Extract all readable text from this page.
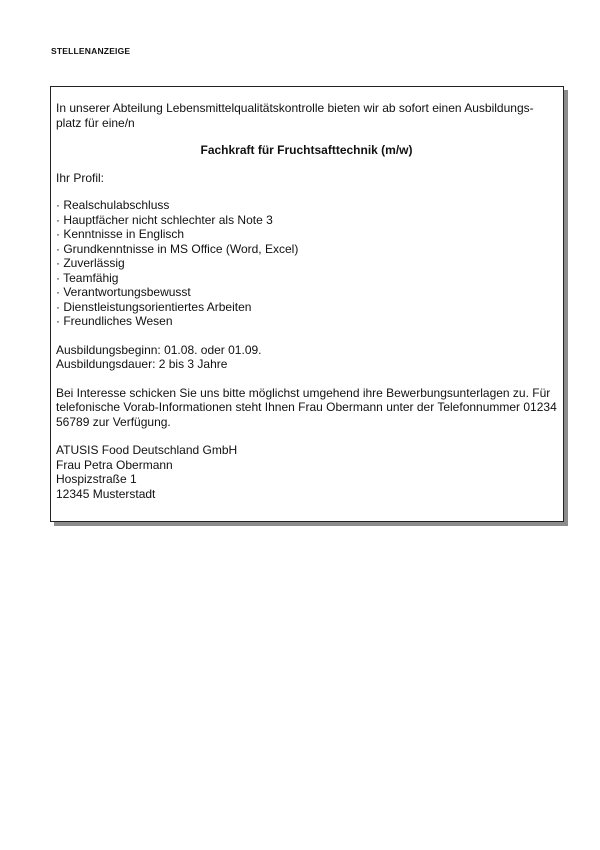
STELLENANZEIGE

In unserer Abteilung Lebensmittelqualitätskontrolle bieten wir ab sofort einen Ausbildungs-platz für eine/n

Fachkraft für Fruchtsafttechnik (m/w)

Ihr Profil:

· Realschulabschluss
· Hauptfächer nicht schlechter als Note 3
· Kenntnisse in Englisch
· Grundkenntnisse in MS Office (Word, Excel)
· Zuverlässig
· Teamfähig
· Verantwortungsbewusst
· Dienstleistungsorientiertes Arbeiten
· Freundliches Wesen
Ausbildungsbeginn: 01.08. oder 01.09.
Ausbildungsdauer: 2 bis 3 Jahre

Bei Interesse schicken Sie uns bitte möglichst umgehend ihre Bewerbungsunterlagen zu. Für telefonische Vorab-Informationen steht Ihnen Frau Obermann unter der Telefonnummer 01234 56789 zur Verfügung.

ATUSIS Food Deutschland GmbH
Frau Petra Obermann
Hospizstraße 1
12345 Musterstadt
